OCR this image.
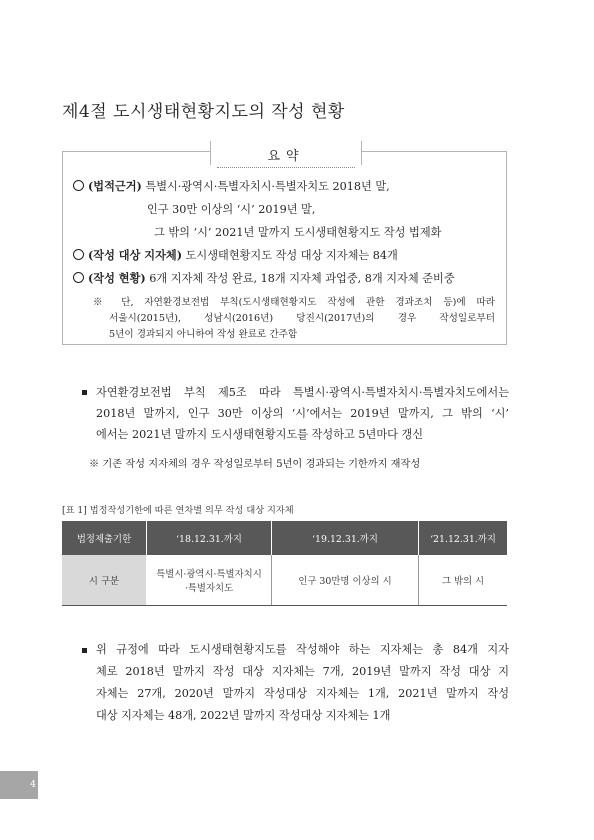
제4절 도시생태현황지도의 작성 현황
요약
(법적근거) 특별시·광역시·특별자치시·특별자치도 2018년 말,
인구 30만 이상의 ‘시’ 2019년 말,
그 밖의 ‘시’ 2021년 말까지 도시생태현황지도 작성 법제화
(작성 대상 지자체) 도시생태현황지도 작성 대상 지자체는 84개
(작성 현황) 6개 지자체 작성 완료, 18개 지자체 과업중, 8개 지자체 준비중
※ 단, 자연환경보전법 부칙(도시생태현황지도 작성에 관한 경과조치 등)에 따라
서울시(2015년), 성남시(2016년) 당진시(2017년)의 경우 작성일로부터
5년이 경과되지 아니하여 작성 완료로 간주함
자연환경보전법 부칙 제5조 따라 특별시·광역시·특별자치시·특별자치도에서는
2018년 말까지, 인구 30만 이상의 ‘시’에서는 2019년 말까지, 그 밖의 ‘시’
에서는 2021년 말까지 도시생태현황지도를 작성하고 5년마다 갱신
※ 기존 작성 지자체의 경우 작성일로부터 5년이 경과되는 기한까지 재작성
[표 1] 법정작성기한에 따른 연차별 의무 작성 대상 지자체
법정제출기한	‘18.12.31.까지	‘19.12.31.까지	‘21.12.31.까지
시 구분	특별시·광역시·특별자치시
·특별자치도	인구 30만명 이상의 시	그 밖의 시
위 규정에 따라 도시생태현황지도를 작성해야 하는 지자체는 총 84개 지자
체로 2018년 말까지 작성 대상 지자체는 7개, 2019년 말까지 작성 대상 지
자체는 27개, 2020년 말까지 작성대상 지자체는 1개, 2021년 말까지 작성
대상 지자체는 48개, 2022년 말까지 작성대상 지자체는 1개
4
